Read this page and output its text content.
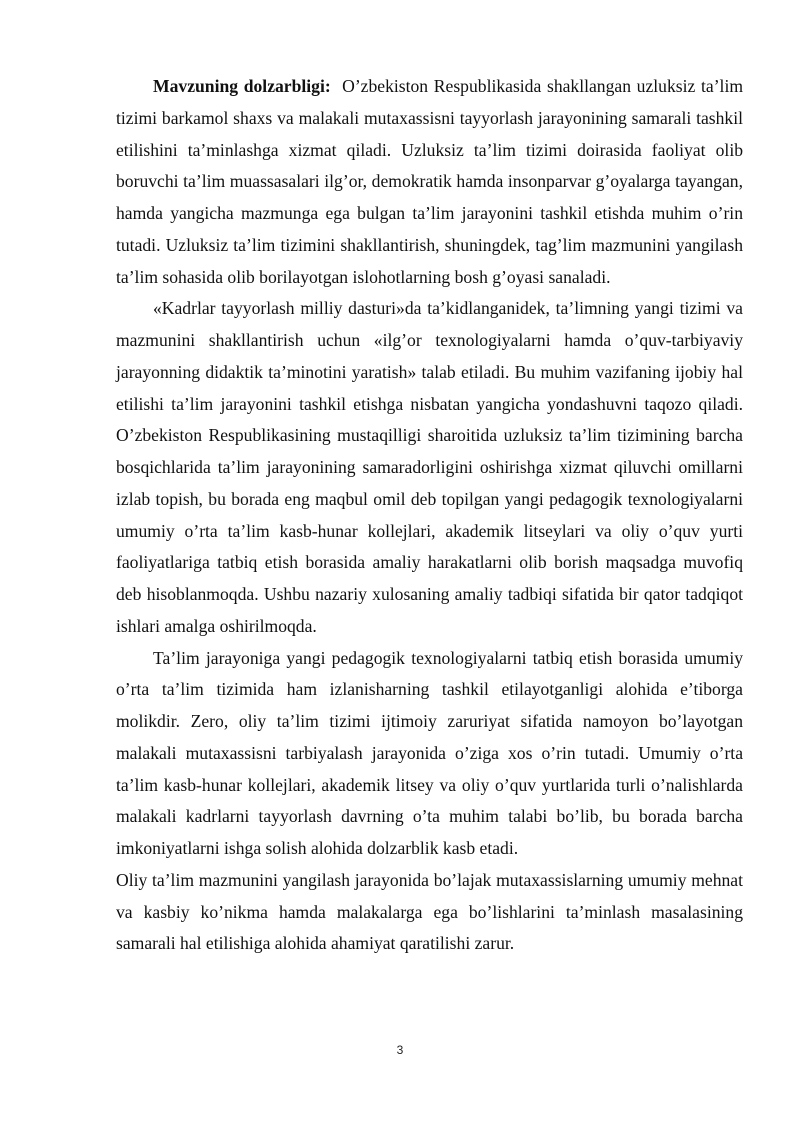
Mavzuning dolzarbligi: O’zbekiston Respublikasida shakllangan uzluksiz ta’lim tizimi barkamol shaxs va malakali mutaxassisni tayyorlash jarayonining samarali tashkil etilishini ta’minlashga xizmat qiladi. Uzluksiz ta’lim tizimi doirasida faoliyat olib boruvchi ta’lim muassasalari ilg’or, demokratik hamda insonparvar g’oyalarga tayangan, hamda yangicha mazmunga ega bulgan ta’lim jarayonini tashkil etishda muhim o’rin tutadi. Uzluksiz ta’lim tizimini shakllantirish, shuningdek, tag’lim mazmunini yangilash ta’lim sohasida olib borilayotgan islohotlarning bosh g’oyasi sanaladi.

«Kadrlar tayyorlash milliy dasturi»da ta’kidlanganidek, ta’limning yangi tizimi va mazmunini shakllantirish uchun «ilg’or texnologiyalarni hamda o’quv-tarbiyaviy jarayonning didaktik ta’minotini yaratish» talab etiladi. Bu muhim vazifaning ijobiy hal etilishi ta’lim jarayonini tashkil etishga nisbatan yangicha yondashuvni taqozo qiladi. O’zbekiston Respublikasining mustaqilligi sharoitida uzluksiz ta’lim tizimining barcha bosqichlarida ta’lim jarayonining samaradorligini oshirishga xizmat qiluvchi omillarni izlab topish, bu borada eng maqbul omil deb topilgan yangi pedagogik texnologiyalarni umumiy o’rta ta’lim kasb-hunar kollejlari, akademik litseylari va oliy o’quv yurti faoliyatlariga tatbiq etish borasida amaliy harakatlarni olib borish maqsadga muvofiq deb hisoblanmoqda. Ushbu nazariy xulosaning amaliy tadbiqi sifatida bir qator tadqiqot ishlari amalga oshirilmoqda.

Ta’lim jarayoniga yangi pedagogik texnologiyalarni tatbiq etish borasida umumiy o’rta ta’lim tizimida ham izlanisharning tashkil etilayotganligi alohida e’tiborga molikdir. Zero, oliy ta’lim tizimi ijtimoiy zaruriyat sifatida namoyon bo’layotgan malakali mutaxassisni tarbiyalash jarayonida o’ziga xos o’rin tutadi. Umumiy o’rta ta’lim kasb-hunar kollejlari, akademik litsey va oliy o’quv yurtlarida turli o’nalishlarda malakali kadrlarni tayyorlash davrning o’ta muhim talabi bo’lib, bu borada barcha imkoniyatlarni ishga solish alohida dolzarblik kasb etadi.

Oliy ta’lim mazmunini yangilash jarayonida bo’lajak mutaxassislarning umumiy mehnat va kasbiy ko’nikma hamda malakalarga ega bo’lishlarini ta’minlash masalasining samarali hal etilishiga alohida ahamiyat qaratilishi zarur.

3
